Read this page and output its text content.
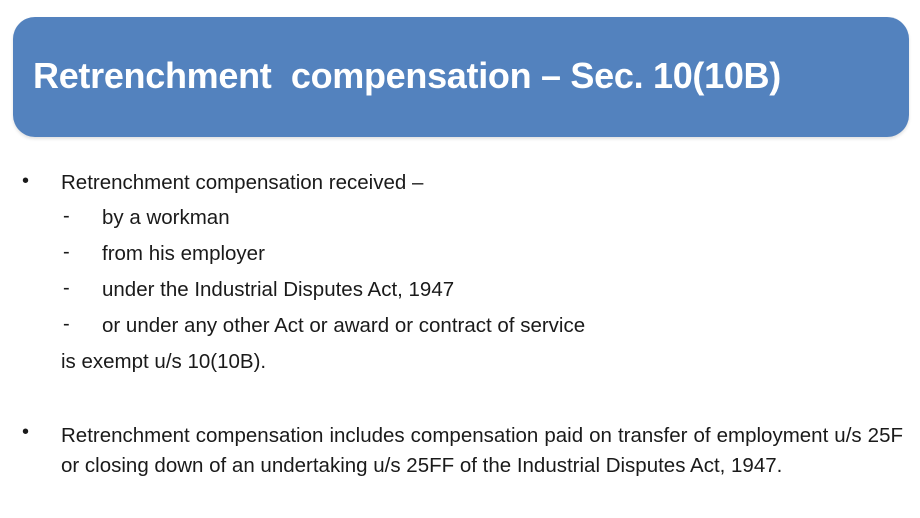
Retrenchment  compensation – Sec. 10(10B)
• Retrenchment compensation received –
- by a workman
- from his employer
- under the Industrial Disputes Act, 1947
- or under any other Act or award or contract of service
is exempt u/s 10(10B).
• Retrenchment compensation includes compensation paid on transfer of employment u/s 25F or closing down of an undertaking u/s 25FF of the Industrial Disputes Act, 1947.
